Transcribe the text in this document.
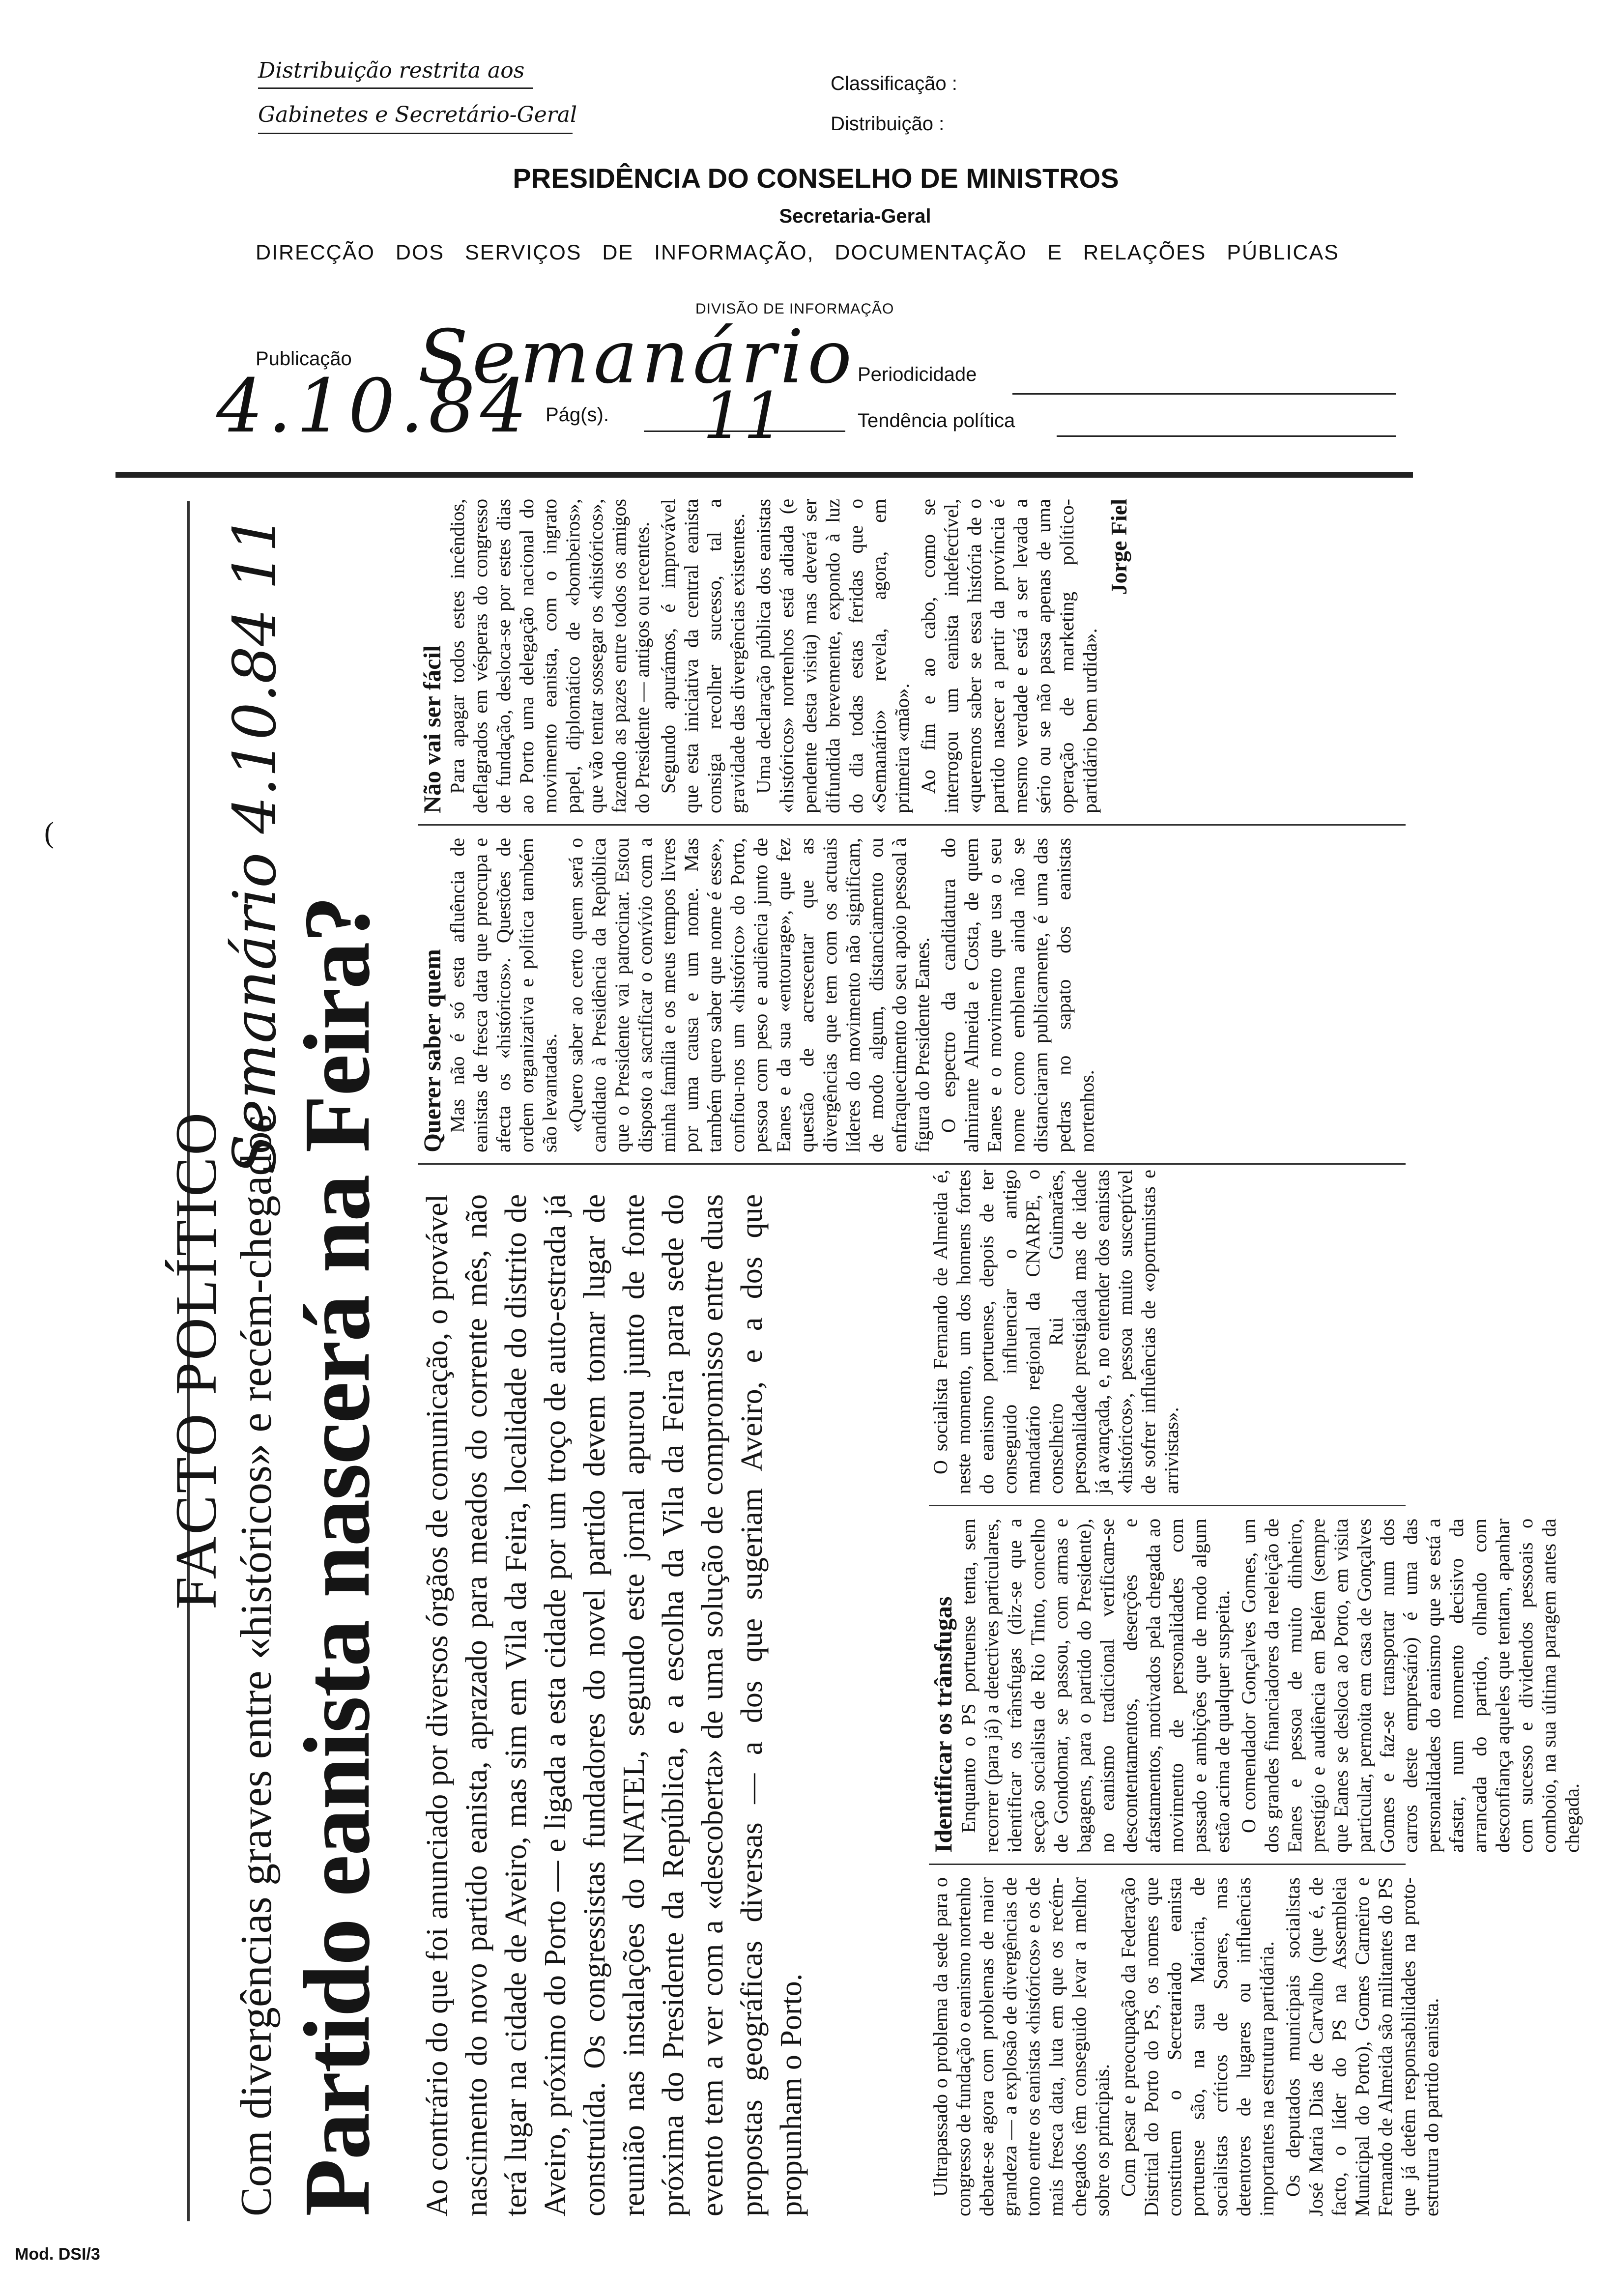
Distribuição restrita aos
Gabinetes e Secretário-Geral
Classificação :
Distribuição :
PRESIDÊNCIA DO CONSELHO DE MINISTROS
Secretaria-Geral
DIRECÇÃO DOS SERVIÇOS DE INFORMAÇÃO, DOCUMENTAÇÃO E RELAÇÕES PÚBLICAS
DIVISÃO DE INFORMAÇÃO
Publicação Semanário Periodicidade
4.10.84 Pág(s). 11	Tendência política
(
FACTO POLÍTICO Com divergências graves entre «históricos» e recém-chegados
Semanário 4.10.84 11
Partido eanista nascerá na Feira? Ao contrário do que foi anunciado por diversos órgãos de comunicação, o provável nascimento do novo partido eanista, aprazado para meados do corrente mês, não terá lugar na cidade de Aveiro, mas sim em Vila da Feira, localidade do distrito de Aveiro, próximo do Porto — e ligada a esta cidade por um troço de auto-estrada já construída. Os congressistas fundadores do novel partido devem tomar lugar de reunião nas instalações do INATEL, segundo este jornal apurou junto de fonte próxima do Presidente da República, e a escolha da Vila da Feira para sede do evento tem a ver com a «descoberta» de uma solução de compromisso entre duas propostas geográficas diversas — a dos que sugeriam Aveiro, e a dos que propunham o Porto.	Ultrapassado o problema da sede para o congresso de fundação o eanismo nortenho debate-se agora com problemas de maior grandeza — a explosão de divergências de tomo entre os eanistas «históricos» e os de mais fresca data, luta em que os recém-chegados têm conseguido levar a melhor sobre os principais. Com pesar e preocupação da Federação Distrital do Porto do PS, os nomes que constituem o Secretariado eanista portuense são, na sua Maioria, de socialistas críticos de Soares, mas detentores de lugares ou influências importantes na estrutura partidária. Os deputados municipais socialistas José Maria Dias de Carvalho (que é, de facto, o líder do PS na Assembleia Municipal do Porto), Gomes Carneiro e Fernando de Almeida são militantes do PS que já detêm responsabilidades na proto-estrutura do partido eanista.

Identificar os trânsfugas Enquanto o PS portuense tenta, sem recorrer (para já) a detectives particulares, identificar os trânsfugas (diz-se que a secção socialista de Rio Tinto, concelho de Gondomar, se passou, com armas e bagagens, para o partido do Presidente), no eanismo tradicional verificam-se descontentamentos, deserções e afastamentos, motivados pela chegada ao movimento de personalidades com passado e ambições que de modo algum estão acima de qualquer suspeita. O comendador Gonçalves Gomes, um dos grandes financiadores da reeleição de Eanes e pessoa de muito dinheiro, prestígio e audiência em Belém (sempre que Eanes se desloca ao Porto, em visita particular, pernoita em casa de Gonçalves Gomes e faz-se transportar num dos carros deste empresário) é uma das personalidades do eanismo que se está a afastar, num momento decisivo da arrancada do partido, olhando com desconfiança aqueles que tentam, apanhar com sucesso e dividendos pessoais o comboio, na sua última paragem antes da chegada.

O socialista Fernando de Almeida é, neste momento, um dos homens fortes do eanismo portuense, depois de ter conseguido influenciar o antigo mandatário regional da CNARPE, o conselheiro Rui Guimarães, personalidade prestigiada mas de idade já avançada, e, no entender dos eanistas «históricos», pessoa muito susceptível de sofrer influências de «oportunistas e arrivistas».

Querer saber quem Mas não é só esta afluência de eanistas de fresca data que preocupa e afecta os «históricos». Questões de ordem organizativa e política também são levantadas. «Quero saber ao certo quem será o candidato à Presidência da República que o Presidente vai patrocinar. Estou disposto a sacrificar o convívio com a minha família e os meus tempos livres por uma causa e um nome. Mas também quero saber que nome é esse», confiou-nos um «histórico» do Porto, pessoa com peso e audiência junto de Eanes e da sua «entourage», que fez questão de acrescentar que as divergências que tem com os actuais líderes do movimento não significam, de modo algum, distanciamento ou enfraquecimento do seu apoio pessoal à figura do Presidente Eanes. O espectro da candidatura do almirante Almeida e Costa, de quem Eanes e o movimento que usa o seu nome como emblema ainda não se distanciaram publicamente, é uma das pedras no sapato dos eanistas nortenhos.

Não vai ser fácil Para apagar todos estes incêndios, deflagrados em vésperas do congresso de fundação, desloca-se por estes dias ao Porto uma delegação nacional do movimento eanista, com o ingrato papel, diplomático de «bombeiros», que vão tentar sossegar os «históricos», fazendo as pazes entre todos os amigos do Presidente — antigos ou recentes. Segundo apurámos, é improvável que esta iniciativa da central eanista consiga recolher sucesso, tal a gravidade das divergências existentes. Uma declaração pública dos eanistas «históricos» nortenhos está adiada (e pendente desta visita) mas deverá ser difundida brevemente, expondo à luz do dia todas estas feridas que o «Semanário» revela, agora, em primeira «mão». Ao fim e ao cabo, como se interrogou um eanista indefectível, «queremos saber se essa história de o partido nascer a partir da província é mesmo verdade e está a ser levada a sério ou se não passa apenas de uma operação de marketing político-partidário bem urdida».

Jorge Fiel
Mod. DSI/3
